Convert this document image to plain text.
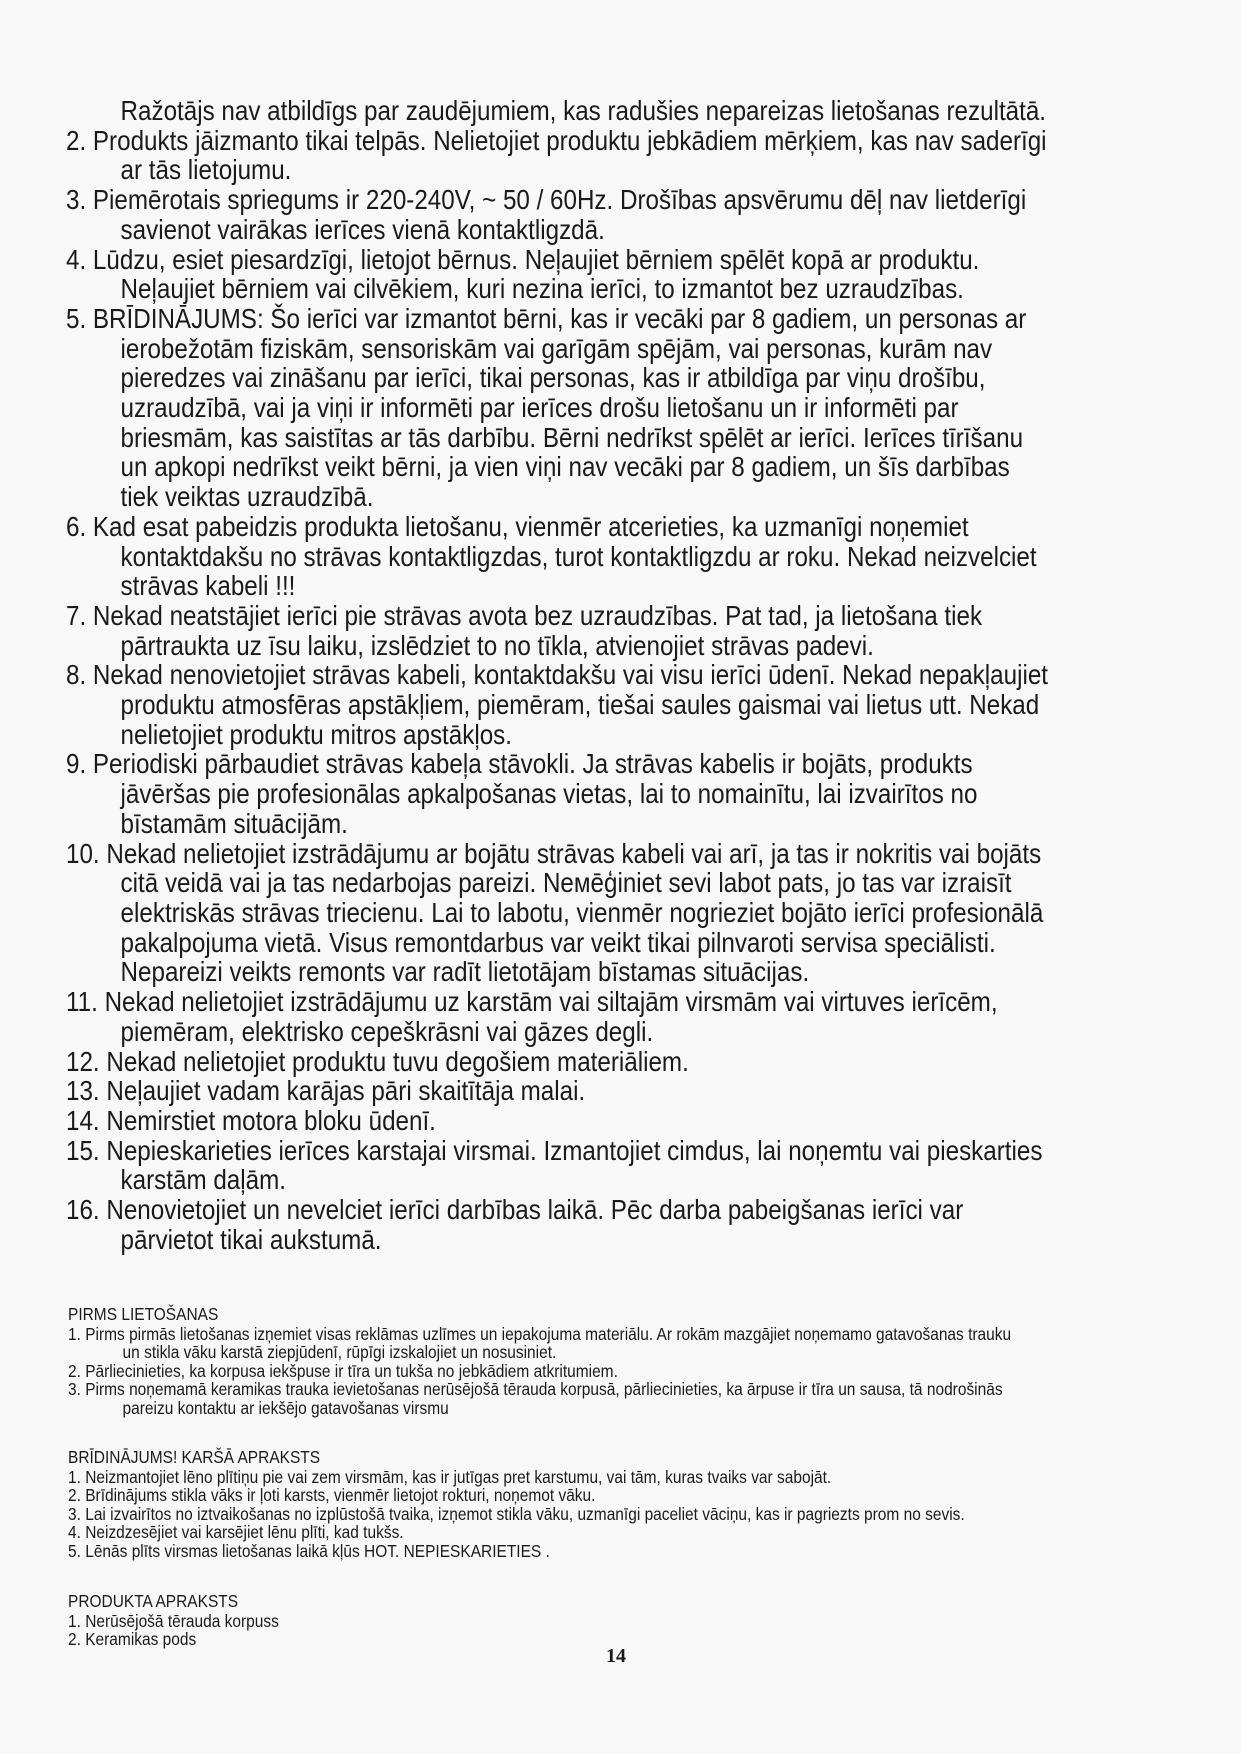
Ražotājs nav atbildīgs par zaudējumiem, kas radušies nepareizas lietošanas rezultātā.
2. Produkts jāizmanto tikai telpās. Nelietojiet produktu jebkādiem mērķiem, kas nav saderīgi
ar tās lietojumu.
3. Piemērotais spriegums ir 220-240V, ~ 50 / 60Hz. Drošības apsvērumu dēļ nav lietderīgi
savienot vairākas ierīces vienā kontaktligzdā.
4. Lūdzu, esiet piesardzīgi, lietojot bērnus. Neļaujiet bērniem spēlēt kopā ar produktu.
Neļaujiet bērniem vai cilvēkiem, kuri nezina ierīci, to izmantot bez uzraudzības.
5. BRĪDINĀJUMS: Šo ierīci var izmantot bērni, kas ir vecāki par 8 gadiem, un personas ar
ierobežotām fiziskām, sensoriskām vai garīgām spējām, vai personas, kurām nav
pieredzes vai zināšanu par ierīci, tikai personas, kas ir atbildīga par viņu drošību,
uzraudzībā, vai ja viņi ir informēti par ierīces drošu lietošanu un ir informēti par
briesmām, kas saistītas ar tās darbību. Bērni nedrīkst spēlēt ar ierīci. Ierīces tīrīšanu
un apkopi nedrīkst veikt bērni, ja vien viņi nav vecāki par 8 gadiem, un šīs darbības
tiek veiktas uzraudzībā.
6. Kad esat pabeidzis produkta lietošanu, vienmēr atcerieties, ka uzmanīgi noņemiet
kontaktdakšu no strāvas kontaktligzdas, turot kontaktligzdu ar roku. Nekad neizvelciet
strāvas kabeli !!!
7. Nekad neatstājiet ierīci pie strāvas avota bez uzraudzības. Pat tad, ja lietošana tiek
pārtraukta uz īsu laiku, izslēdziet to no tīkla, atvienojiet strāvas padevi.
8. Nekad nenovietojiet strāvas kabeli, kontaktdakšu vai visu ierīci ūdenī. Nekad nepakļaujiet
produktu atmosfēras apstākļiem, piemēram, tiešai saules gaismai vai lietus utt. Nekad
nelietojiet produktu mitros apstākļos.
9. Periodiski pārbaudiet strāvas kabeļa stāvokli. Ja strāvas kabelis ir bojāts, produkts
jāvēršas pie profesionālas apkalpošanas vietas, lai to nomainītu, lai izvairītos no
bīstamām situācijām.
10. Nekad nelietojiet izstrādājumu ar bojātu strāvas kabeli vai arī, ja tas ir nokritis vai bojāts
citā veidā vai ja tas nedarbojas pareizi. Neмēģiniet sevi labot pats, jo tas var izraisīt
elektriskās strāvas triecienu. Lai to labotu, vienmēr nogrieziet bojāto ierīci profesionālā
pakalpojuma vietā. Visus remontdarbus var veikt tikai pilnvaroti servisa speciālisti.
Nepareizi veikts remonts var radīt lietotājam bīstamas situācijas.
11. Nekad nelietojiet izstrādājumu uz karstām vai siltajām virsmām vai virtuves ierīcēm,
piemēram, elektrisko cepeškrāsni vai gāzes degli.
12. Nekad nelietojiet produktu tuvu degošiem materiāliem.
13. Neļaujiet vadam karājas pāri skaitītāja malai.
14. Nemirstiet motora bloku ūdenī.
15. Nepieskarieties ierīces karstajai virsmai. Izmantojiet cimdus, lai noņemtu vai pieskarties
karstām daļām.
16. Nenovietojiet un nevelciet ierīci darbības laikā. Pēc darba pabeigšanas ierīci var
pārvietot tikai aukstumā.
PIRMS LIETOŠANAS
1. Pirms pirmās lietošanas izņemiet visas reklāmas uzlīmes un iepakojuma materiālu. Ar rokām mazgājiet noņemamo gatavošanas trauku
un stikla vāku karstā ziepjūdenī, rūpīgi izskalojiet un nosusiniet.
2. Pārliecinieties, ka korpusa iekšpuse ir tīra un tukša no jebkādiem atkritumiem.
3. Pirms noņemamā keramikas trauka ievietošanas nerūsējošā tērauda korpusā, pārliecinieties, ka ārpuse ir tīra un sausa, tā nodrošinās
pareizu kontaktu ar iekšējo gatavošanas virsmu
BRĪDINĀJUMS! KARŠĀ APRAKSTS
1. Neizmantojiet lēno plītiņu pie vai zem virsmām, kas ir jutīgas pret karstumu, vai tām, kuras tvaiks var sabojāt.
2. Brīdinājums stikla vāks ir ļoti karsts, vienmēr lietojot rokturi, noņemot vāku.
3. Lai izvairītos no iztvaikošanas no izplūstošā tvaika, izņemot stikla vāku, uzmanīgi paceliet vāciņu, kas ir pagriezts prom no sevis.
4. Neizdzesējiet vai karsējiet lēnu plīti, kad tukšs.
5. Lēnās plīts virsmas lietošanas laikā kļūs HOT. NEPIESKARIETIES .
PRODUKTA APRAKSTS
1. Nerūsējošā tērauda korpuss
2. Keramikas pods
14
